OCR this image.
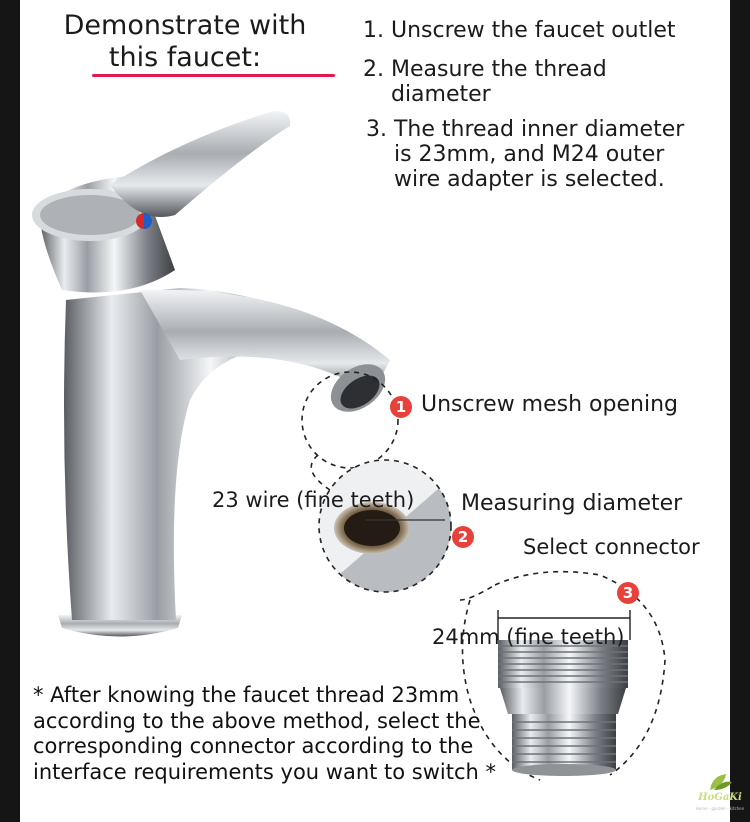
Demonstrate with this faucet:
1. Unscrew the faucet outlet
2. Measure the thread
diameter
3. The thread inner diameter
is 23mm, and M24 outer
wire adapter is selected.
1 Unscrew mesh opening
23 wire (fine teeth)
2
Measuring diameter
Select connector
3
24mm (fine teeth)
* After knowing the faucet thread 23mm according to the above method, select the corresponding connector according to the interface requirements you want to switch *
HoGaKi
Home - garden - kitchen
